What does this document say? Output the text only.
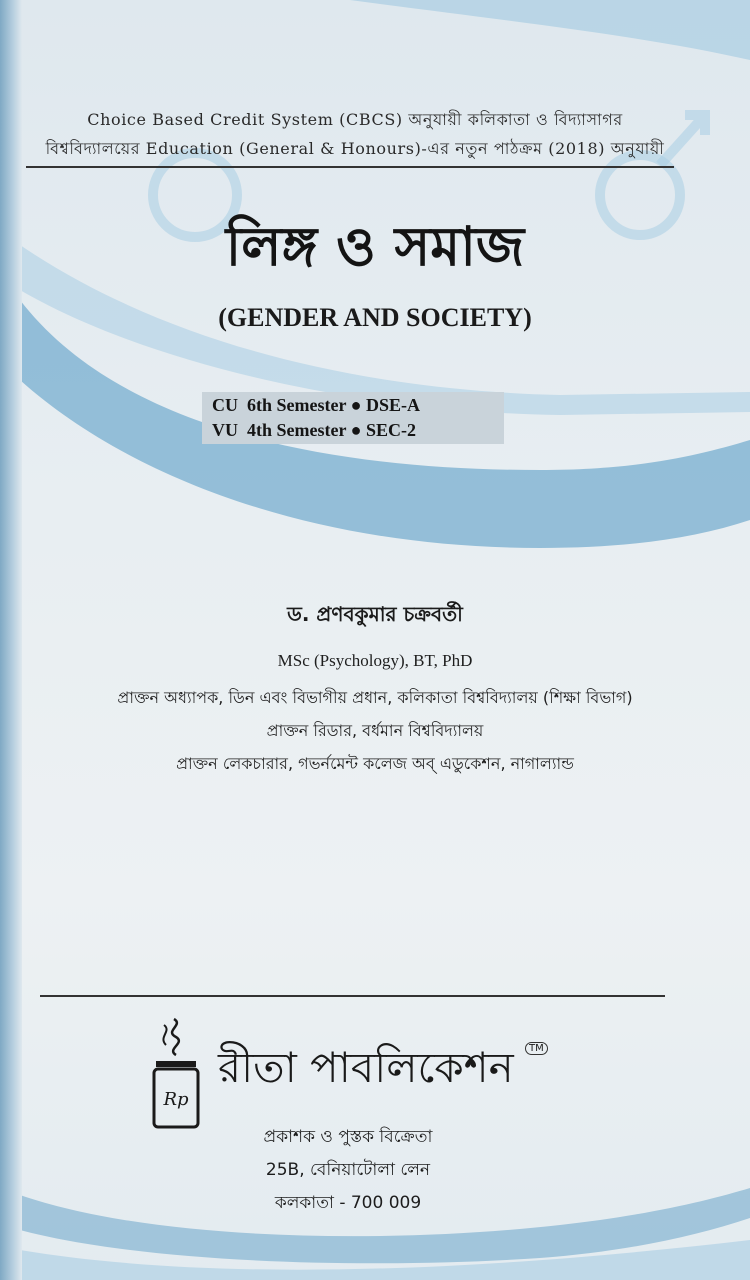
Choice Based Credit System (CBCS) অনুযায়ী কলিকাতা ও বিদ্যাসাগর
বিশ্ববিদ্যালয়ের Education (General & Honours)-এর নতুন পাঠক্রম (2018) অনুযায়ী
লিঙ্গ ও সমাজ
(GENDER AND SOCIETY)
CU 6th Semester ● DSE-A
VU 4th Semester ● SEC-2
ড. প্রণবকুমার চক্রবর্তী
MSc (Psychology), BT, PhD
প্রাক্তন অধ্যাপক, ডিন এবং বিভাগীয় প্রধান, কলিকাতা বিশ্ববিদ্যালয় (শিক্ষা বিভাগ)
প্রাক্তন রিডার, বর্ধমান বিশ্ববিদ্যালয়
প্রাক্তন লেকচারার, গভর্নমেন্ট কলেজ অব্ এডুকেশন, নাগাল্যান্ড
Rp
রীতা পাবলিকেশন	TM
প্রকাশক ও পুস্তক বিক্রেতা
25B, বেনিয়াটোলা লেন
কলকাতা - 700 009
